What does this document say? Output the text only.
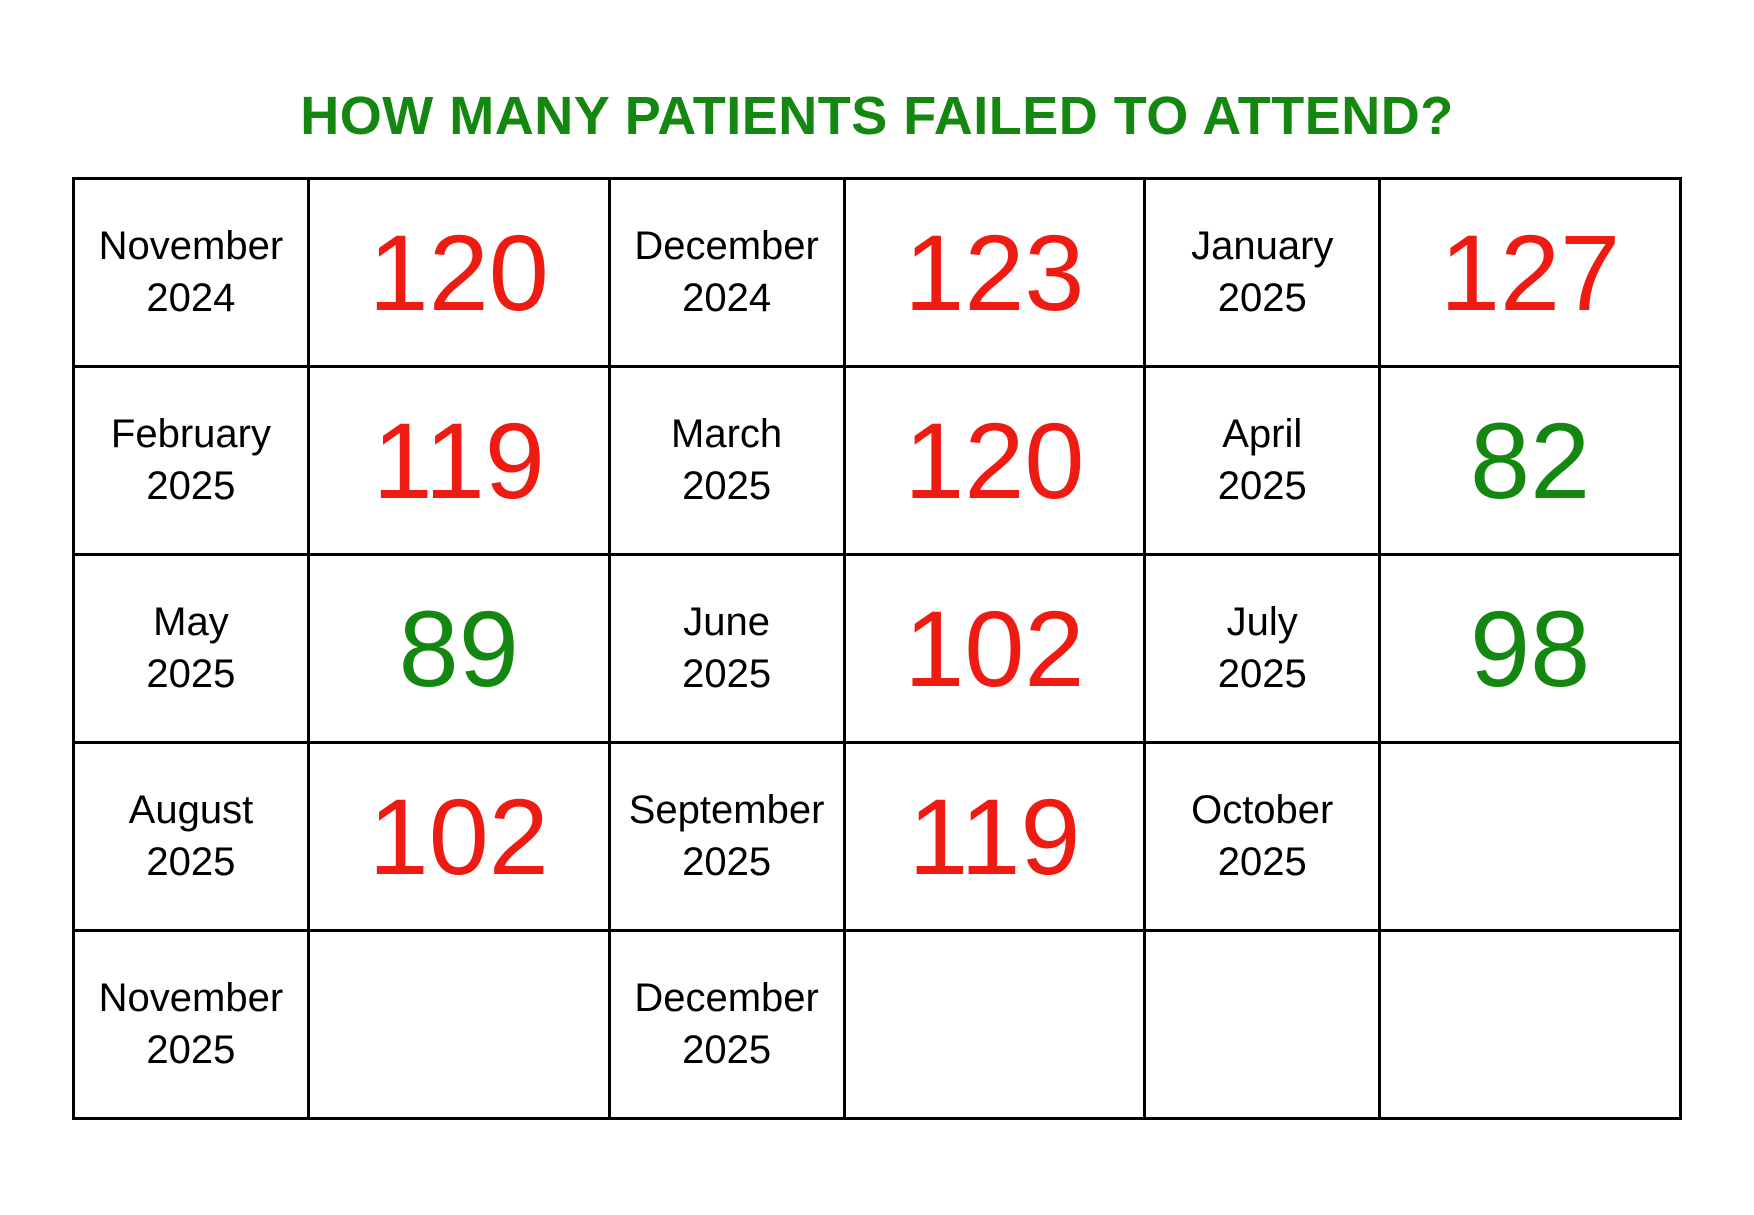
HOW MANY PATIENTS FAILED TO ATTEND?
November
2024	120	December
2024	123	January
2025	127

February
2025	119	March
2025	120	April
2025	82

May
2025	89	June
2025	102	July
2025	98

August
2025	102	September
2025	119	October
2025	

November
2025		December
2025			
